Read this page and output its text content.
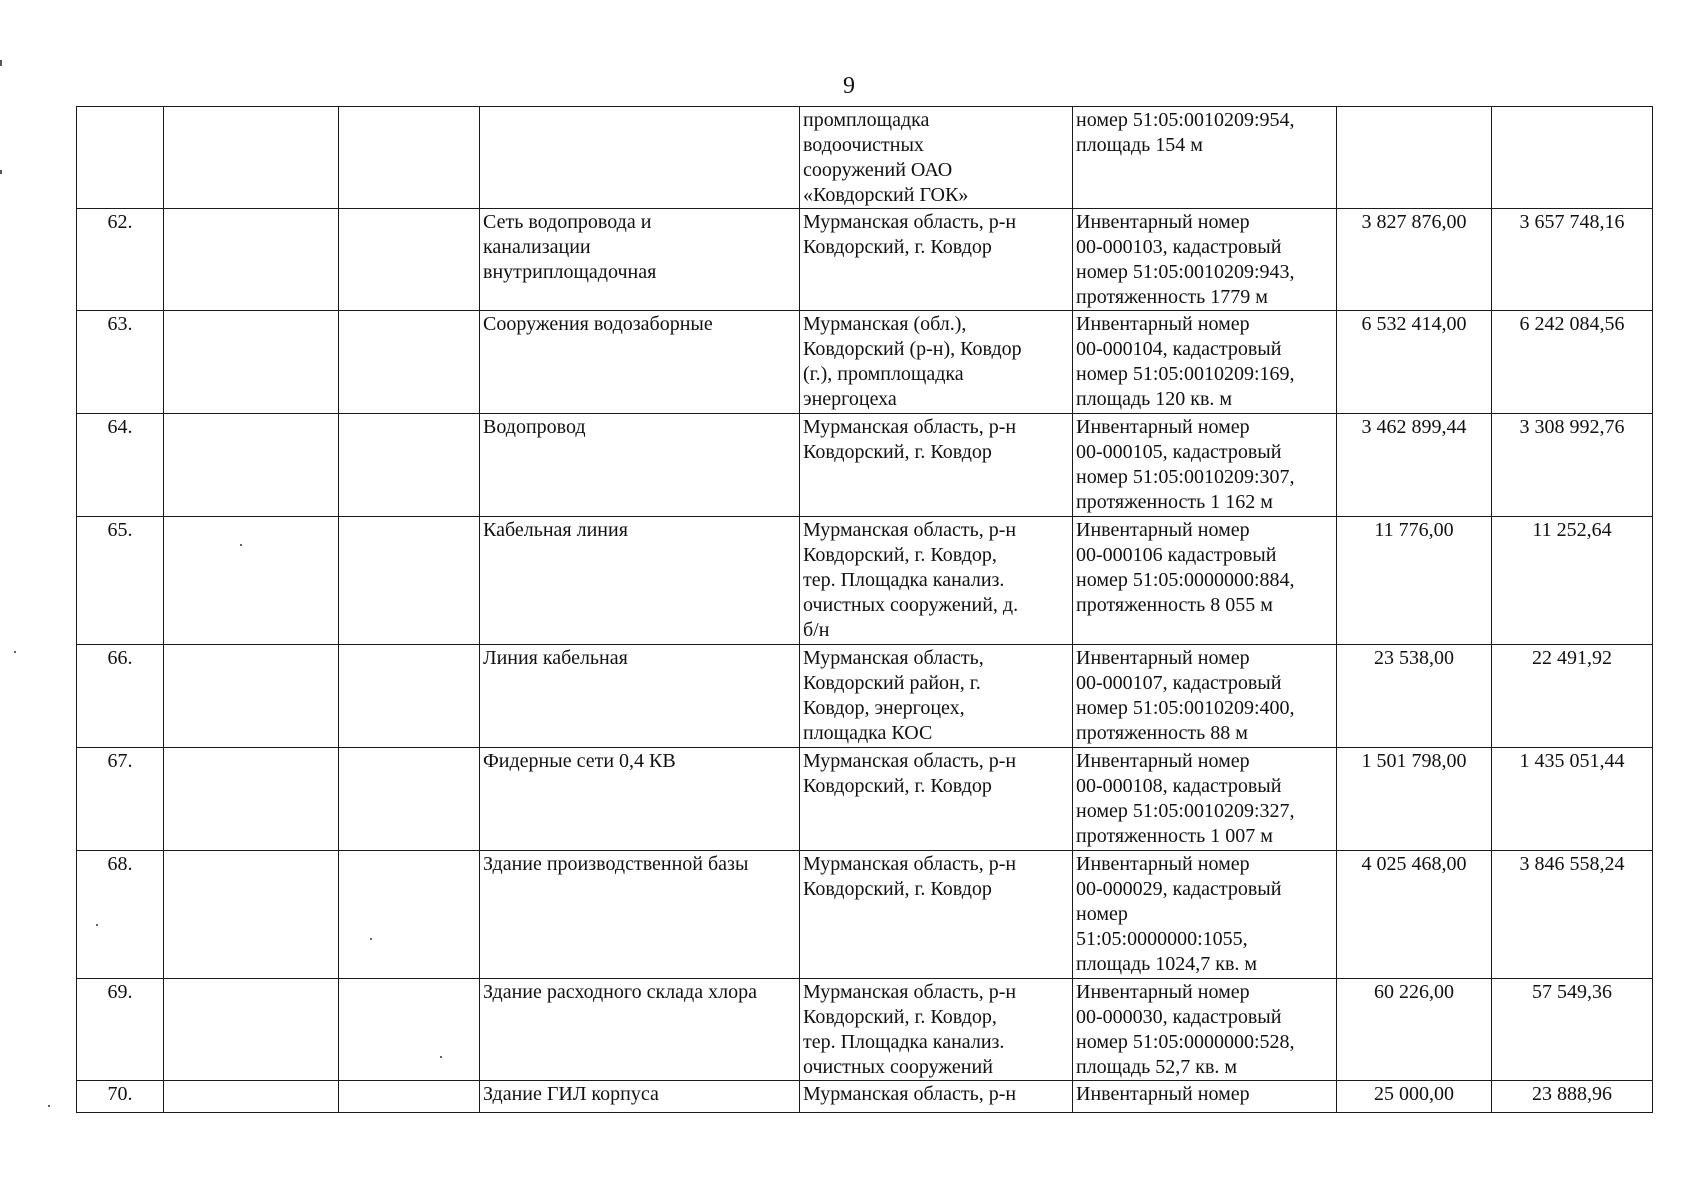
9
				промплощадка
водоочистных
сооружений ОАО
«Ковдорский ГОК»	номер 51:05:0010209:954,
площадь 154 м		
62.			Сеть водопровода и
канализации
внутриплощадочная	Мурманская область, р-н
Ковдорский, г. Ковдор	Инвентарный номер
00-000103, кадастровый
номер 51:05:0010209:943,
протяженность 1779 м	3 827 876,00	3 657 748,16
63.			Сооружения водозаборные	Мурманская (обл.),
Ковдорский (р-н), Ковдор
(г.), промплощадка
энергоцеха	Инвентарный номер
00-000104, кадастровый
номер 51:05:0010209:169,
площадь 120 кв. м	6 532 414,00	6 242 084,56
64.			Водопровод	Мурманская область, р-н
Ковдорский, г. Ковдор	Инвентарный номер
00-000105, кадастровый
номер 51:05:0010209:307,
протяженность 1 162 м	3 462 899,44	3 308 992,76
65.			Кабельная линия	Мурманская область, р-н
Ковдорский, г. Ковдор,
тер. Площадка канализ.
очистных сооружений, д.
б/н	Инвентарный номер
00-000106 кадастровый
номер 51:05:0000000:884,
протяженность 8 055 м	11 776,00	11 252,64
66.			Линия кабельная	Мурманская область,
Ковдорский район, г.
Ковдор, энергоцех,
площадка КОС	Инвентарный номер
00-000107, кадастровый
номер 51:05:0010209:400,
протяженность 88 м	23 538,00	22 491,92
67.			Фидерные сети 0,4 КВ	Мурманская область, р-н
Ковдорский, г. Ковдор	Инвентарный номер
00-000108, кадастровый
номер 51:05:0010209:327,
протяженность 1 007 м	1 501 798,00	1 435 051,44
68.			Здание производственной базы	Мурманская область, р-н
Ковдорский, г. Ковдор	Инвентарный номер
00-000029, кадастровый
номер
51:05:0000000:1055,
площадь 1024,7 кв. м	4 025 468,00	3 846 558,24
69.			Здание расходного склада хлора	Мурманская область, р-н
Ковдорский, г. Ковдор,
тер. Площадка канализ.
очистных сооружений	Инвентарный номер
00-000030, кадастровый
номер 51:05:0000000:528,
площадь 52,7 кв. м	60 226,00	57 549,36
70.			Здание ГИЛ корпуса	Мурманская область, р-н	Инвентарный номер	25 000,00	23 888,96
